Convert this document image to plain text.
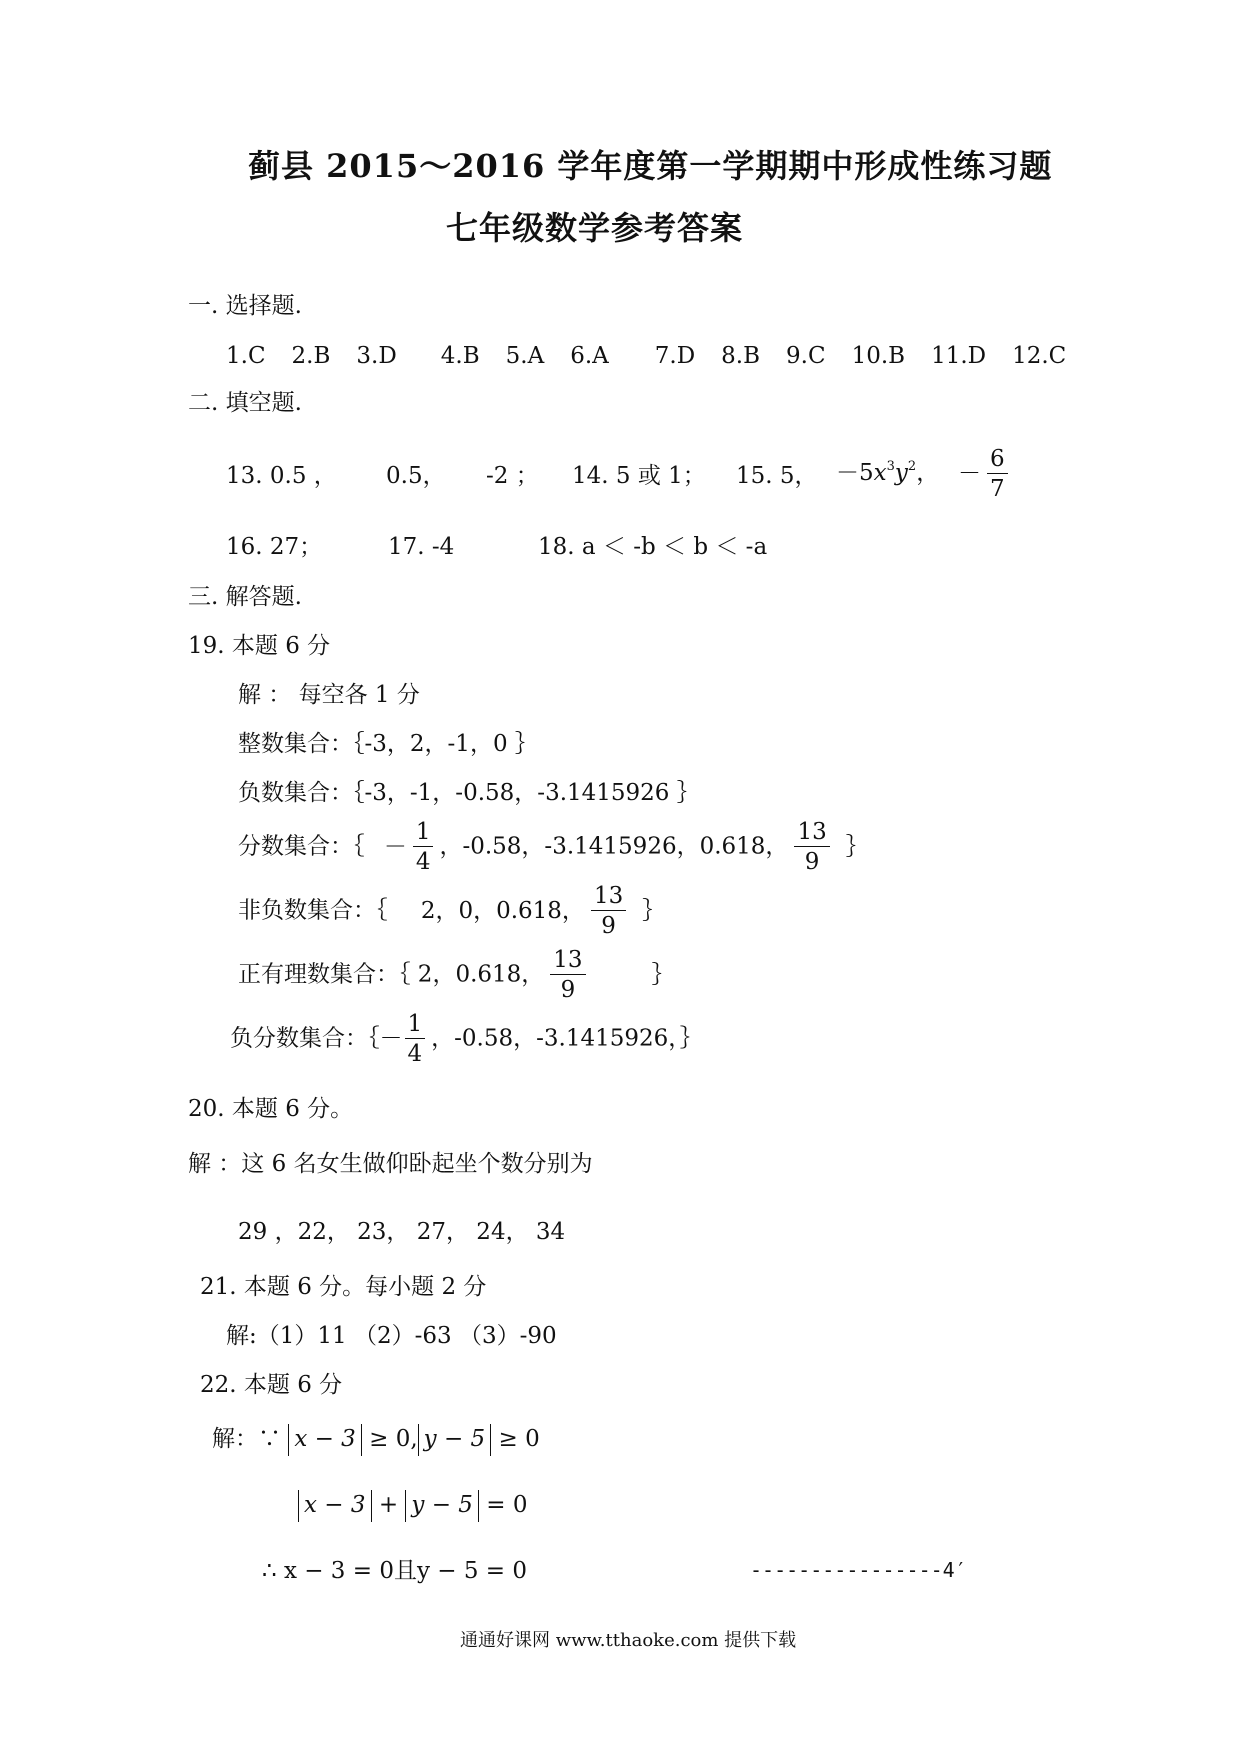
蓟县 2015～2016 学年度第一学期期中形成性练习题
七年级数学参考答案
一. 选择题.
1.C 2.B 3.D 4.B 5.A 6.A 7.D 8.B 9.C 10.B 11.D 12.C
二. 填空题.
13. 0.5 ， 0.5， -2 ； 14. 5 或 1； 15. 5， $-5x^3y^2$， － $\frac{6}{7}$
16. 27；	17. -4	18. a ＜ -b ＜ b ＜ -a
三. 解答题.
19. 本题 6 分
解 ： 每空各 1 分
整数集合：｛-3，2，-1，0 ｝
负数集合：｛-3，-1，-0.58，-3.1415926 ｝
分数集合：｛ － $\frac{1}{4}$ ，-0.58，-3.1415926，0.618， $\frac{13}{9}$ ｝
非负数集合：｛ 2，0，0.618， $\frac{13}{9}$ ｝
正有理数集合：｛ 2，0.618， $\frac{13}{9}$	｝
负分数集合：｛－ $\frac{1}{4}$ ，-0.58，-3.1415926，｝
20. 本题 6 分。
解 ：这 6 名女生做仰卧起坐个数分别为
29 ，22， 23， 27， 24， 34
21. 本题 6 分。每小题 2 分
解:（1）11 （2）-63 （3）-90
22. 本题 6 分
解：∵ x − 3 ≥ 0, y − 5 ≥ 0
x − 3 + y − 5 = 0
∴ x − 3 = 0且y − 5 = 0	----------------4′
通通好课网 www.tthaoke.com 提供下载
